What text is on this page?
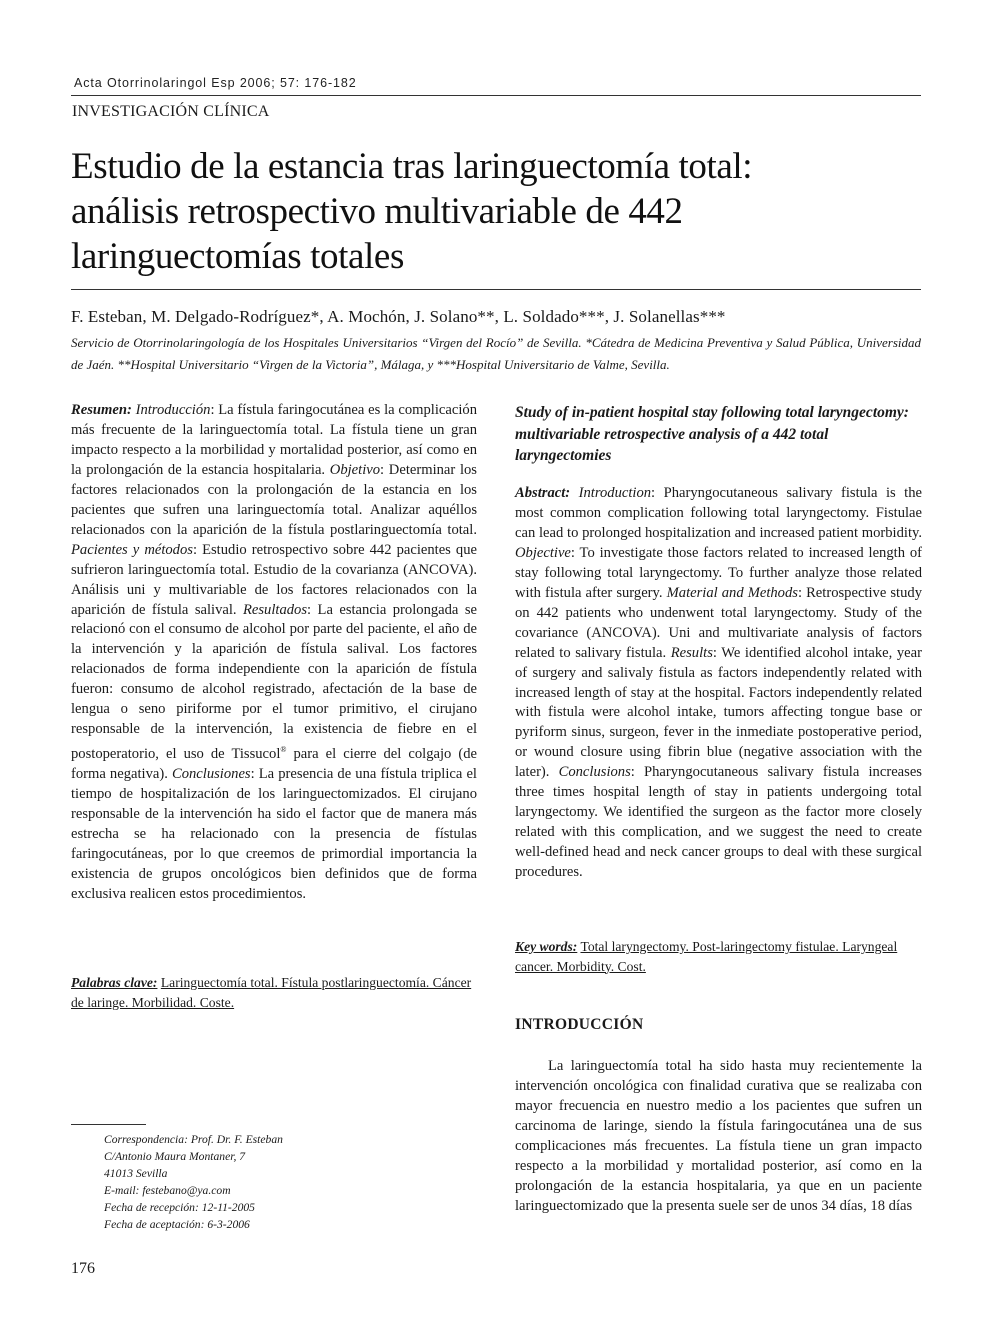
Acta Otorrinolaringol Esp 2006; 57: 176-182
INVESTIGACIÓN CLÍNICA
Estudio de la estancia tras laringuectomía total:
análisis retrospectivo multivariable de 442
laringuectomías totales
F. Esteban, M. Delgado-Rodríguez*, A. Mochón, J. Solano**, L. Soldado***, J. Solanellas***
Servicio de Otorrinolaringología de los Hospitales Universitarios “Virgen del Rocío” de Sevilla. *Cátedra de Medicina Preventiva y Salud Pública, Universidad de Jaén. **Hospital Universitario “Virgen de la Victoria”, Málaga, y ***Hospital Universitario de Valme, Sevilla.
Resumen: Introducción: La fístula faringocutánea es la complicación más frecuente de la laringuectomía total. La fístula tiene un gran impacto respecto a la morbilidad y mortalidad posterior, así como en la prolongación de la estancia hospitalaria. Objetivo: Determinar los factores relacionados con la prolongación de la estancia en los pacientes que sufren una laringuectomía total. Analizar aquéllos relacionados con la aparición de la fístula postlaringuectomía total. Pacientes y métodos: Estudio retrospectivo sobre 442 pacientes que sufrieron laringuectomía total. Estudio de la covarianza (ANCOVA). Análisis uni y multivariable de los factores relacionados con la aparición de fístula salival. Resultados: La estancia prolongada se relacionó con el consumo de alcohol por parte del paciente, el año de la intervención y la aparición de fístula salival. Los factores relacionados de forma independiente con la aparición de fístula fueron: consumo de alcohol registrado, afectación de la base de lengua o seno piriforme por el tumor primitivo, el cirujano responsable de la intervención, la existencia de fiebre en el postoperatorio, el uso de Tissucol® para el cierre del colgajo (de forma negativa). Conclusiones: La presencia de una fístula triplica el tiempo de hospitalización de los laringuectomizados. El cirujano responsable de la intervención ha sido el factor que de manera más estrecha se ha relacionado con la presencia de fístulas faringocutáneas, por lo que creemos de primordial importancia la existencia de grupos oncológicos bien definidos que de forma exclusiva realicen estos procedimientos.
Palabras clave: Laringuectomía total. Fístula postlaringuectomía. Cáncer de laringe. Morbilidad. Coste.
Study of in-patient hospital stay following total laryngectomy: multivariable retrospective analysis of a 442 total laryngectomies
Abstract: Introduction: Pharyngocutaneous salivary fistula is the most common complication following total laryngectomy. Fistulae can lead to prolonged hospitalization and increased patient morbidity. Objective: To investigate those factors related to increased length of stay following total laryngectomy. To further analyze those related with fistula after surgery. Material and Methods: Retrospective study on 442 patients who undenwent total laryngectomy. Study of the covariance (ANCOVA). Uni and multivariate analysis of factors related to salivary fistula. Results: We identified alcohol intake, year of surgery and salivaly fistula as factors independently related with increased length of stay at the hospital. Factors independently related with fistula were alcohol intake, tumors affecting tongue base or pyriform sinus, surgeon, fever in the inmediate postoperative period, or wound closure using fibrin blue (negative association with the later). Conclusions: Pharyngocutaneous salivary fistula increases three times hospital length of stay in patients undergoing total laryngectomy. We identified the surgeon as the factor more closely related with this complication, and we suggest the need to create well-defined head and neck cancer groups to deal with these surgical procedures.
Key words: Total laryngectomy. Post-laringectomy fistulae. Laryngeal cancer. Morbidity. Cost.
INTRODUCCIÓN

La laringuectomía total ha sido hasta muy recientemente la intervención oncológica con finalidad curativa que se realizaba con mayor frecuencia en nuestro medio a los pacientes que sufren un carcinoma de laringe, siendo la fístula faringocutánea una de sus complicaciones más frecuentes. La fístula tiene un gran impacto respecto a la morbilidad y mortalidad posterior, así como en la prolongación de la estancia hospitalaria, ya que en un paciente laringuectomizado que la presenta suele ser de unos 34 días, 18 días

Correspondencia: Prof. Dr. F. Esteban
C/Antonio Maura Montaner, 7
41013 Sevilla
E-mail: festebano@ya.com
Fecha de recepción: 12-11-2005
Fecha de aceptación: 6-3-2006
176
